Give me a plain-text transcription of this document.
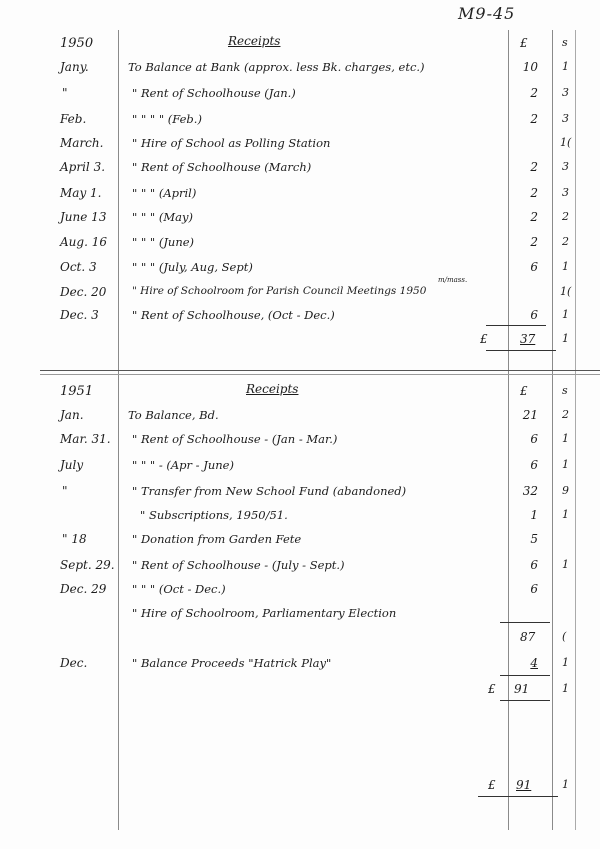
M9-45
1950	Receipts	£	s
Jany.	To Balance at Bank (approx. less Bk. charges, etc.)	10 1
"	" Rent of Schoolhouse (Jan.)	2 3
Feb.	" " " " (Feb.)	2 3
March. " Hire of School as Polling Station	1(
April 3. " Rent of Schoolhouse (March)	2 3
May 1.	" " " (April)	2 3
June 13 " " " (May)	2 2
Aug. 16 " " " (June)	2 2
Oct. 3	" " " (July, Aug, Sept)	6 1
m/mass.
Dec. 20 " Hire of Schoolroom for Parish Council Meetings 1950	1(
Dec. 3	" Rent of Schoolhouse, (Oct - Dec.)	6 1
£	37 1
1951	Receipts	£	s
Jan.	To Balance, Bd.	21 2
Mar. 31. " Rent of Schoolhouse - (Jan - Mar.)	6 1
July	" " " - (Apr - June)	6 1
"	" Transfer from New School Fund (abandoned)	32 9
" Subscriptions, 1950/51.	1 1
" 18	" Donation from Garden Fete	5
Sept. 29. " Rent of Schoolhouse - (July - Sept.)	6 1
Dec. 29 " " " (Oct - Dec.)	6
" Hire of Schoolroom, Parliamentary Election
87 (
Dec.	" Balance Proceeds "Hatrick Play"	4 1
£ 91	1
£ 91	1
